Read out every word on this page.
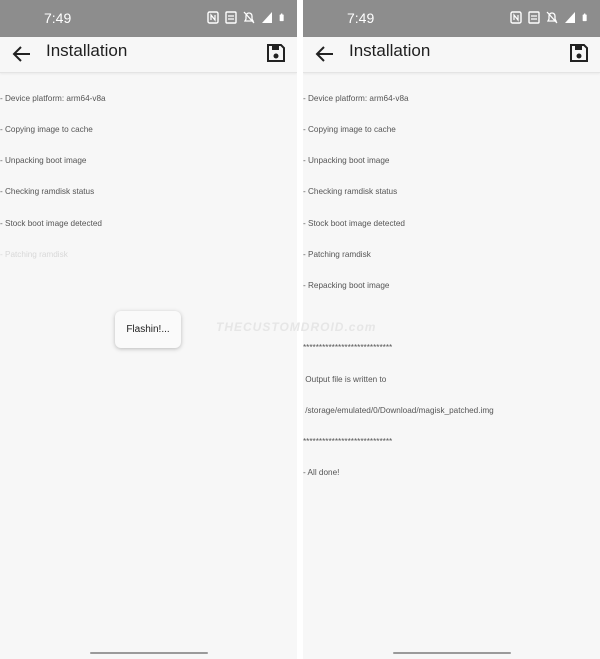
7:49
Installation

- Device platform: arm64-v8a

- Copying image to cache

- Unpacking boot image

- Checking ramdisk status

- Stock boot image detected

- Patching ramdisk

Flashin!...
7:49
Installation

- Device platform: arm64-v8a

- Copying image to cache

- Unpacking boot image

- Checking ramdisk status

- Stock boot image detected

- Patching ramdisk

- Repacking boot image

****************************

Output file is written to

/storage/emulated/0/Download/magisk_patched.img

****************************

- All done!

THECUSTOMDROID.com
